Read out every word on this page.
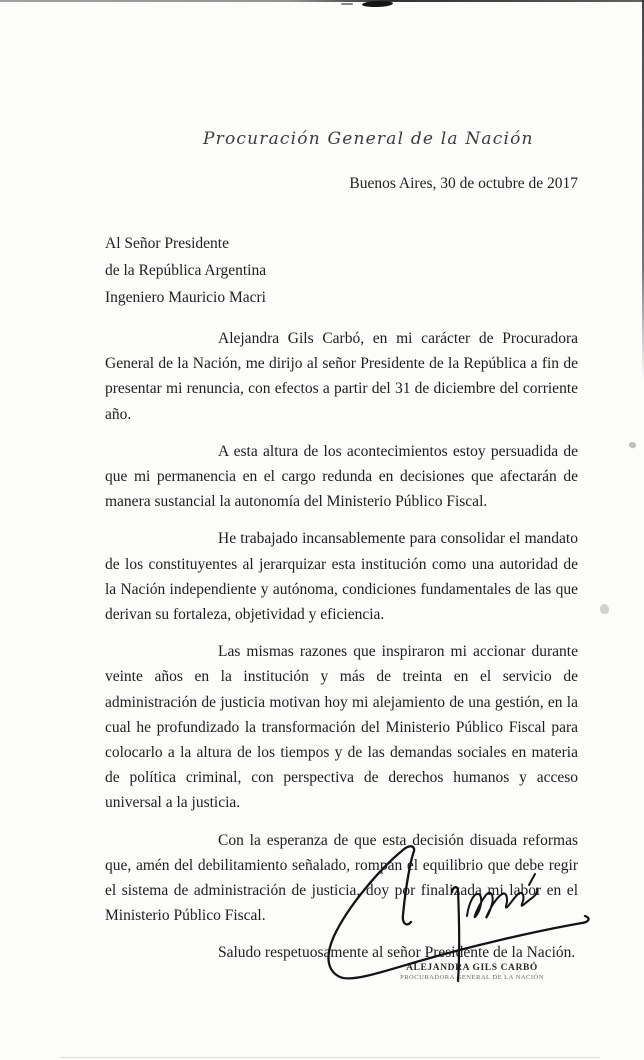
Procuración General de la Nación
Buenos Aires, 30 de octubre de 2017
Al Señor Presidente
de la República Argentina
Ingeniero Mauricio Macri

Alejandra Gils Carbó, en mi carácter de Procuradora General de la Nación, me dirijo al señor Presidente de la República a fin de presentar mi renuncia, con efectos a partir del 31 de diciembre del corriente año.

A esta altura de los acontecimientos estoy persuadida de que mi permanencia en el cargo redunda en decisiones que afectarán de manera sustancial la autonomía del Ministerio Público Fiscal.

He trabajado incansablemente para consolidar el mandato de los constituyentes al jerarquizar esta institución como una autoridad de la Nación independiente y autónoma, condiciones fundamentales de las que derivan su fortaleza, objetividad y eficiencia.

Las mismas razones que inspiraron mi accionar durante veinte años en la institución y más de treinta en el servicio de administración de justicia motivan hoy mi alejamiento de una gestión, en la cual he profundizado la transformación del Ministerio Público Fiscal para colocarlo a la altura de los tiempos y de las demandas sociales en materia de política criminal, con perspectiva de derechos humanos y acceso universal a la justicia.

Con la esperanza de que esta decisión disuada reformas que, amén del debilitamiento señalado, rompan el equilibrio que debe regir el sistema de administración de justicia, doy por finalizada mi labor en el Ministerio Público Fiscal.

Saludo respetuosamente al señor Presidente de la Nación.

ALEJANDRA GILS CARBÓ
PROCURADORA GENERAL DE LA NACIÓN
